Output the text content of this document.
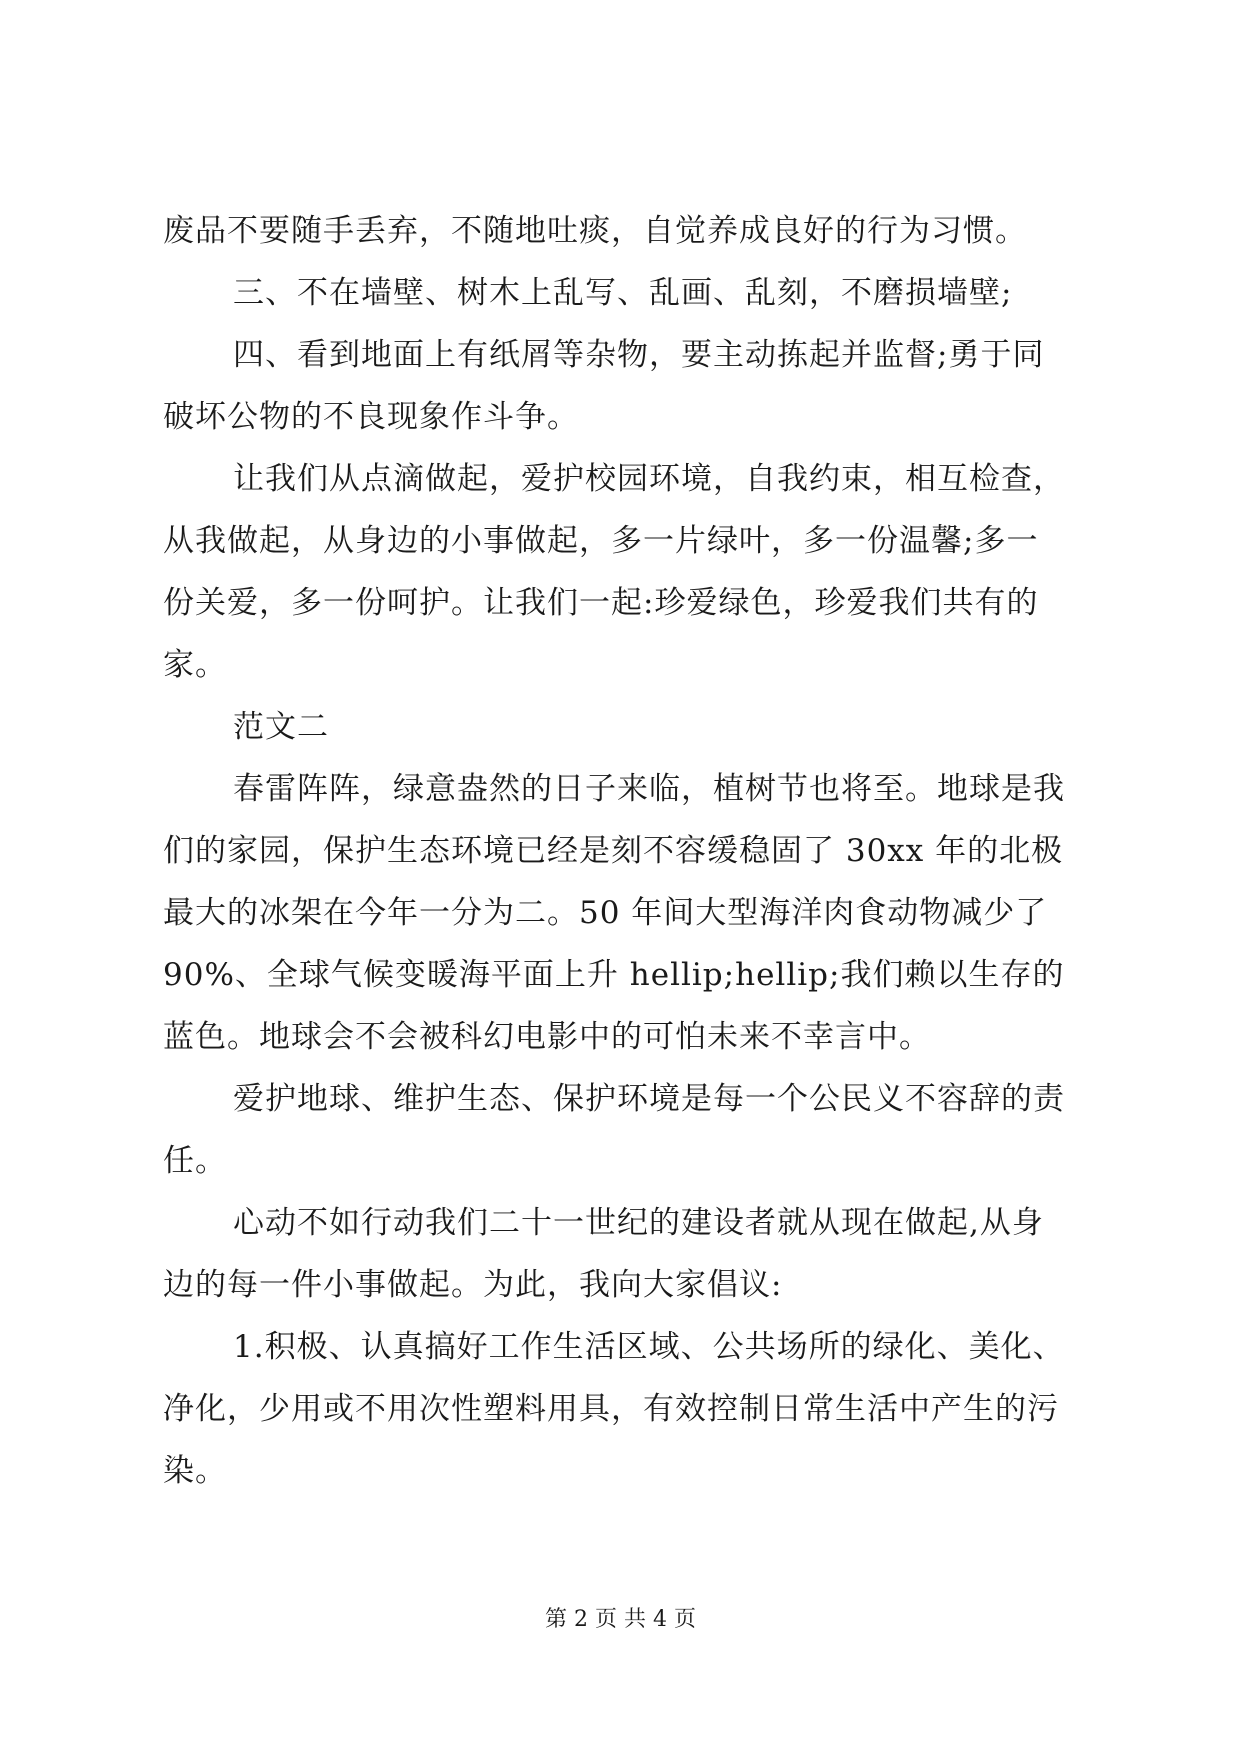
废品不要随手丢弃，不随地吐痰，自觉养成良好的行为习惯。
三、不在墙壁、树木上乱写、乱画、乱刻，不磨损墙壁;
四、看到地面上有纸屑等杂物，要主动拣起并监督;勇于同
破坏公物的不良现象作斗争。
让我们从点滴做起，爱护校园环境，自我约束，相互检查，
从我做起，从身边的小事做起，多一片绿叶，多一份温馨;多一
份关爱，多一份呵护。让我们一起:珍爱绿色，珍爱我们共有的
家。
范文二
春雷阵阵，绿意盎然的日子来临，植树节也将至。地球是我
们的家园，保护生态环境已经是刻不容缓稳固了 30xx 年的北极
最大的冰架在今年一分为二。50 年间大型海洋肉食动物减少了
90%、全球气候变暖海平面上升 hellip;hellip;我们赖以生存的
蓝色。地球会不会被科幻电影中的可怕未来不幸言中。
爱护地球、维护生态、保护环境是每一个公民义不容辞的责
任。
心动不如行动我们二十一世纪的建设者就从现在做起,从身
边的每一件小事做起。为此，我向大家倡议:
1.积极、认真搞好工作生活区域、公共场所的绿化、美化、
净化，少用或不用次性塑料用具，有效控制日常生活中产生的污
染。
第 2 页 共 4 页
